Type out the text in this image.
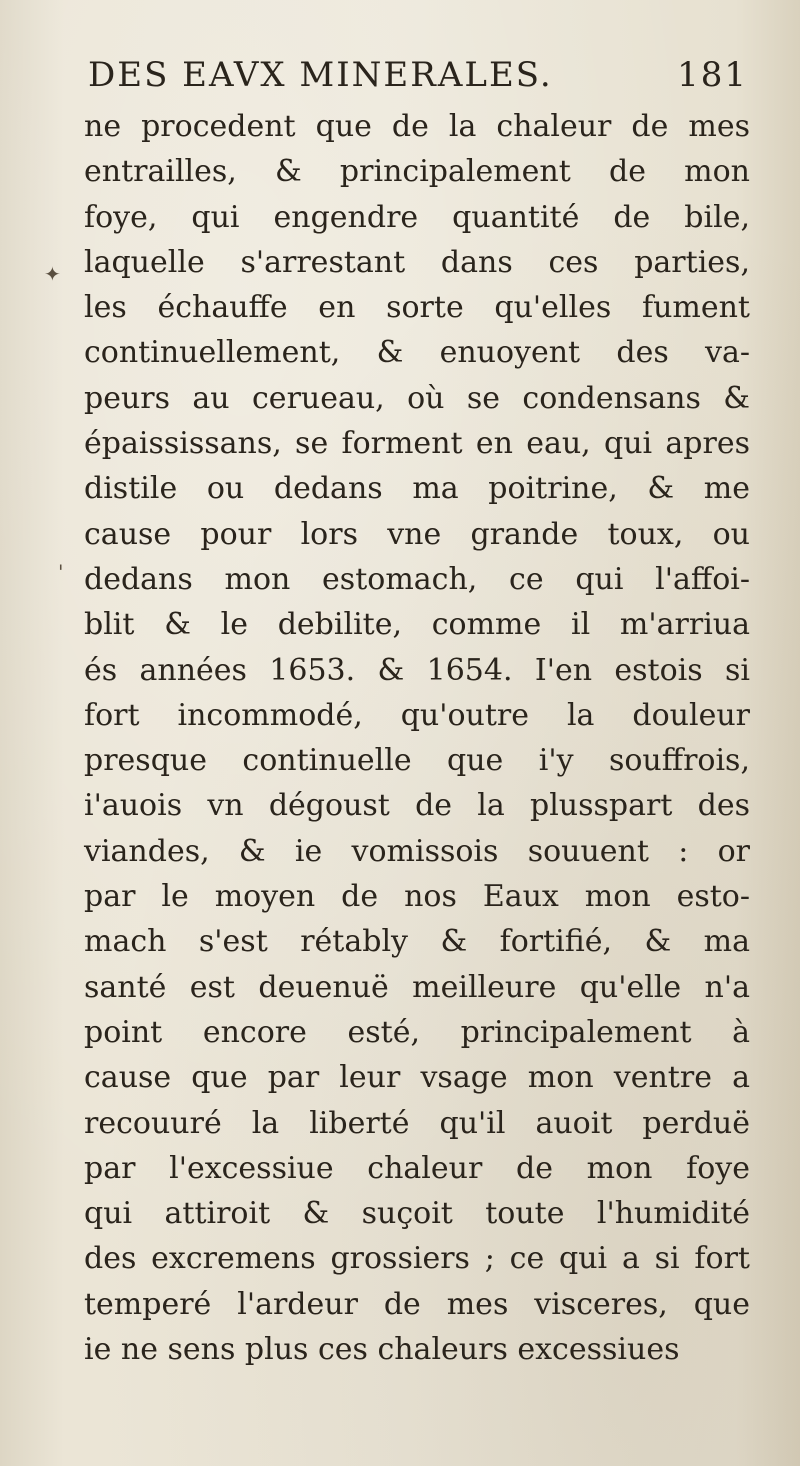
DES EAVX MINERALES.	181
✦
'
ne procedent que de la chaleur de mes
entrailles, & principalement de mon
foye, qui engendre quantité de bile,
laquelle s'arrestant dans ces parties,
les échauffe en sorte qu'elles fument
continuellement, & enuoyent des va-
peurs au cerueau, où se condensans &
épaississans, se forment en eau, qui apres
distile ou dedans ma poitrine, & me
cause pour lors vne grande toux, ou
dedans mon estomach, ce qui l'affoi-
blit & le debilite, comme il m'arriua
és années 1653. & 1654. I'en estois si
fort incommodé, qu'outre la douleur
presque continuelle que i'y souffrois,
i'auois vn dégoust de la plusspart des
viandes, & ie vomissois souuent : or
par le moyen de nos Eaux mon esto-
mach s'est rétably & fortifié, & ma
santé est deuenuë meilleure qu'elle n'a
point encore esté, principalement à
cause que par leur vsage mon ventre a
recouuré la liberté qu'il auoit perduë
par l'excessiue chaleur de mon foye
qui attiroit & suçoit toute l'humidité
des excremens grossiers ; ce qui a si fort
temperé l'ardeur de mes visceres, que
ie ne sens plus ces chaleurs excessiues
